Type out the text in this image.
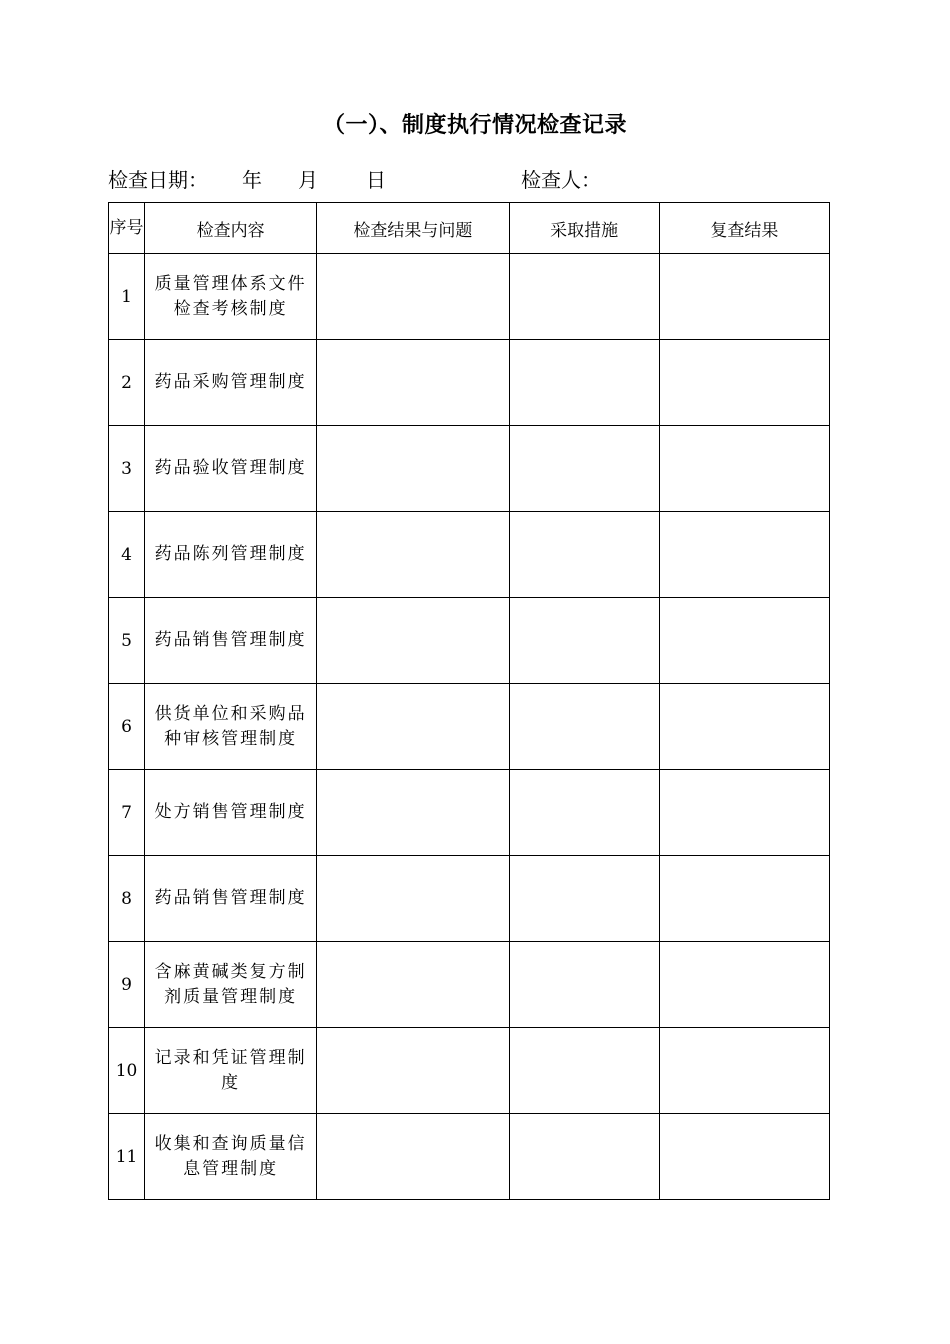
（一）、制度执行情况检查记录
检查日期： 年 月 日	检查人：
序号	检查内容	检查结果与问题	采取措施	复查结果
1	质量管理体系文件检查考核制度			
2	药品采购管理制度			
3	药品验收管理制度			
4	药品陈列管理制度			
5	药品销售管理制度			
6	供货单位和采购品种审核管理制度			
7	处方销售管理制度			
8	药品销售管理制度			
9	含麻黄碱类复方制剂质量管理制度			
10	记录和凭证管理制度			
11	收集和查询质量信息管理制度			
